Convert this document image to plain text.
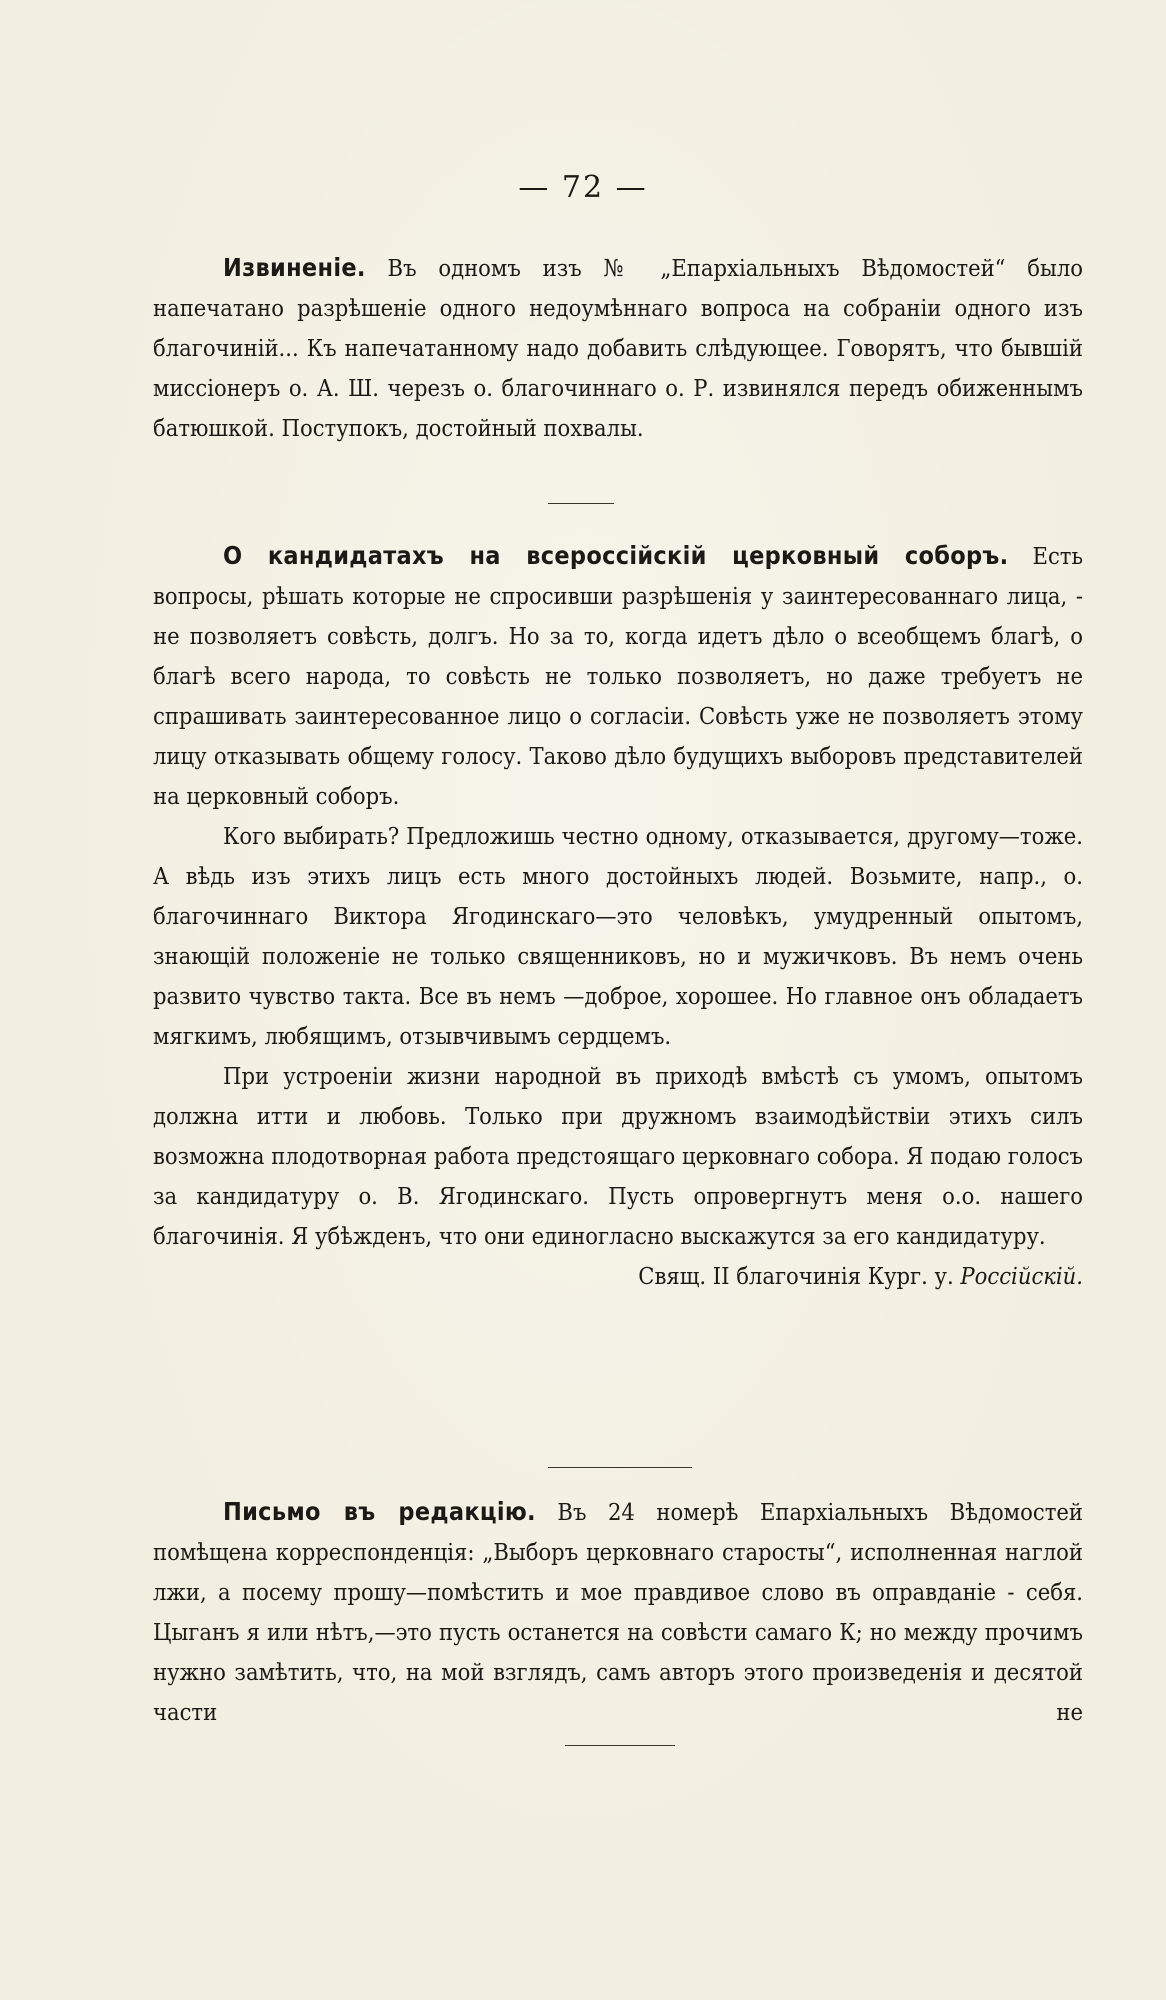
— 72 —

Извиненіе. Въ одномъ изъ № „Епархіальныхъ Вѣдомостей“ было напечатано разрѣшеніе одного недоумѣннаго вопроса на собраніи одного изъ благочиній... Къ напечатанному надо добавить слѣдующее. Говорятъ, что бывшій миссіонеръ о. А. Ш. черезъ о. благочиннаго о. Р. извинялся передъ обиженнымъ батюшкой. Поступокъ, достойный похвалы.

О кандидатахъ на всероссійскій церковный соборъ. Есть вопросы, рѣшать которые не спросивши разрѣшенія у заинтересованнаго лица, - не позволяетъ совѣсть, долгъ. Но за то, когда идетъ дѣло о всеобщемъ благѣ, о благѣ всего народа, то совѣсть не только позволяетъ, но даже требуетъ не спрашивать заинтересованное лицо о согласіи. Совѣсть уже не позволяетъ этому лицу отказывать общему голосу. Таково дѣло будущихъ выборовъ представителей на церковный соборъ.

Кого выбирать? Предложишь честно одному, отказывается, другому—тоже. А вѣдь изъ этихъ лицъ есть много достойныхъ людей. Возьмите, напр., о. благочиннаго Виктора Ягодинскаго—это человѣкъ, умудренный опытомъ, знающій положеніе не только священниковъ, но и мужичковъ. Въ немъ очень развито чувство такта. Все въ немъ —доброе, хорошее. Но главное онъ обладаетъ мягкимъ, любящимъ, отзывчивымъ сердцемъ.

При устроеніи жизни народной въ приходѣ вмѣстѣ съ умомъ, опытомъ должна итти и любовь. Только при дружномъ взаимодѣйствіи этихъ силъ возможна плодотворная работа предстоящаго церковнаго собора. Я подаю голосъ за кандидатуру о. В. Ягодинскаго. Пусть опровергнутъ меня о.о. нашего благочинія. Я убѣжденъ, что они единогласно выскажутся за его кандидатуру.

Свящ. II благочинія Кург. у. Россійскій.

Письмо въ редакцію. Въ 24 номерѣ Епархіальныхъ Вѣдомостей помѣщена корреспонденція: „Выборъ церковнаго старосты“, исполненная наглой лжи, а посему прошу—помѣстить и мое правдивое слово въ оправданіе - себя. Цыганъ я или нѣтъ,—это пусть останется на совѣсти самаго К; но между прочимъ нужно замѣтить, что, на мой взглядъ, самъ авторъ этого произведенія и десятой части не
